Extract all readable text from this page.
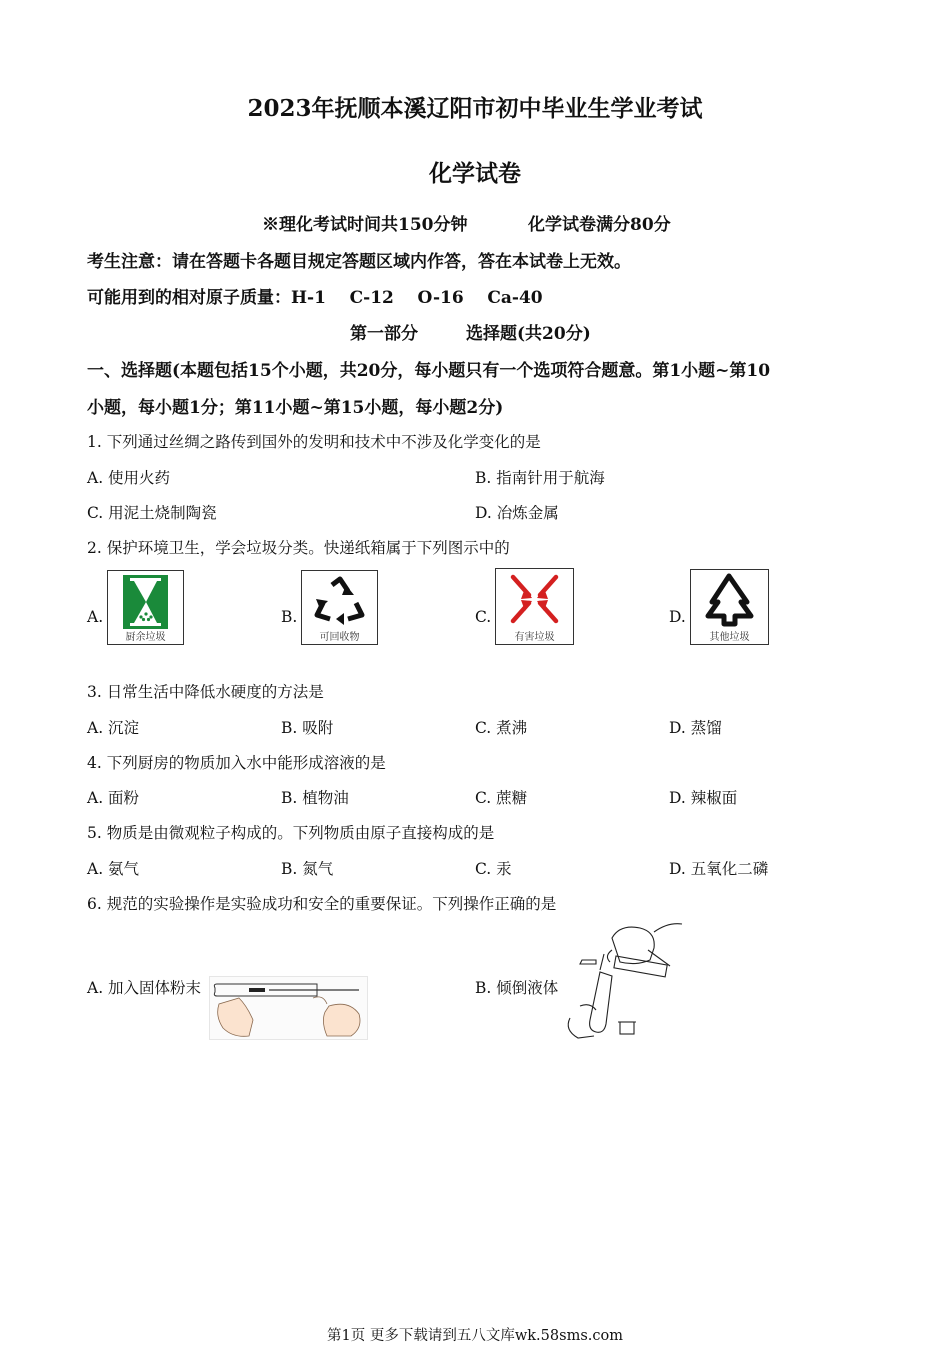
2023年抚顺本溪辽阳市初中毕业生学业考试
化学试卷
※理化考试时间共150分钟	化学试卷满分80分
考生注意：请在答题卡各题目规定答题区域内作答，答在本试卷上无效。
可能用到的相对原子质量：H-1    C-12    O-16    Ca-40
第一部分	选择题(共20分)
一、选择题(本题包括15个小题，共20分，每小题只有一个选项符合题意。第1小题~第10
小题，每小题1分；第11小题~第15小题，每小题2分)
1. 下列通过丝绸之路传到国外的发明和技术中不涉及化学变化的是
A. 使用火药	B. 指南针用于航海
C. 用泥土烧制陶瓷	D. 冶炼金属
2. 保护环境卫生，学会垃圾分类。快递纸箱属于下列图示中的
A.
厨余垃圾
B.
可回收物
C.
有害垃圾
D.
其他垃圾
3. 日常生活中降低水硬度的方法是
A. 沉淀	B. 吸附	C. 煮沸	D. 蒸馏
4. 下列厨房的物质加入水中能形成溶液的是
A. 面粉	B. 植物油	C. 蔗糖	D. 辣椒面
5. 物质是由微观粒子构成的。下列物质由原子直接构成的是
A. 氨气	B. 氮气	C. 汞	D. 五氧化二磷
6. 规范的实验操作是实验成功和安全的重要保证。下列操作正确的是
A. 加入固体粉末	B. 倾倒液体
第1页 更多下载请到五八文库wk.58sms.com
